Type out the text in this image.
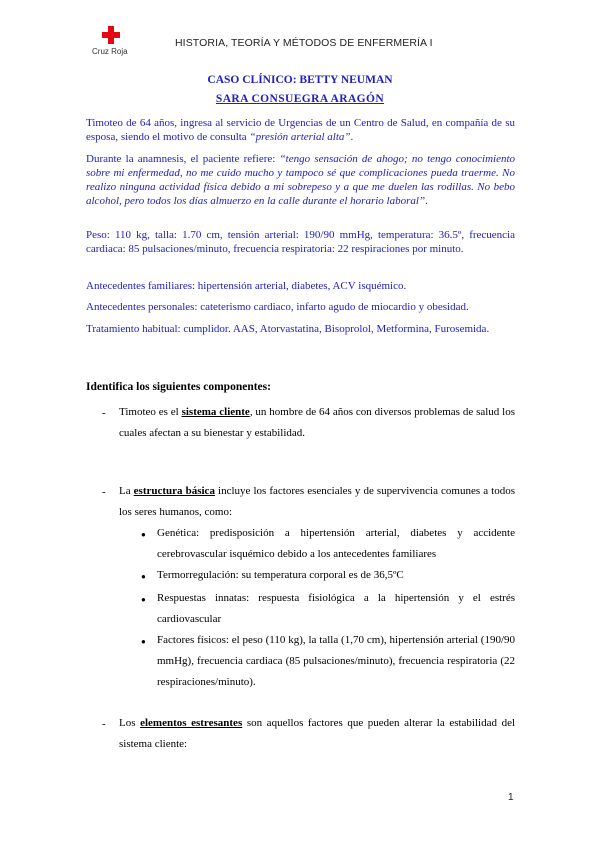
Cruz Roja
HISTORIA, TEORÍA Y MÉTODOS DE ENFERMERÍA I
CASO CLÍNICO: BETTY NEUMAN
SARA CONSUEGRA ARAGÓN
Timoteo de 64 años, ingresa al servicio de Urgencias de un Centro de Salud, en compañía de su esposa, siendo el motivo de consulta “presión arterial alta”.
Durante la anamnesis, el paciente refiere: “tengo sensación de ahogo; no tengo conocimiento sobre mi enfermedad, no me cuido mucho y tampoco sé que complicaciones pueda traerme. No realizo ninguna actividad física debido a mi sobrepeso y a que me duelen las rodillas. No bebo alcohol, pero todos los días almuerzo en la calle durante el horario laboral”.
Peso: 110 kg, talla: 1.70 cm, tensión arterial: 190/90 mmHg, temperatura: 36.5º, frecuencia cardiaca: 85 pulsaciones/minuto, frecuencia respiratoria: 22 respiraciones por minuto.
Antecedentes familiares: hipertensión arterial, diabetes, ACV isquémico.
Antecedentes personales: cateterismo cardiaco, infarto agudo de miocardio y obesidad.
Tratamiento habitual: cumplidor. AAS, Atorvastatina, Bisoprolol, Metformina, Furosemida.
Identifica los siguientes componentes:
- Timoteo es el sistema cliente, un hombre de 64 años con diversos problemas de salud los cuales afectan a su bienestar y estabilidad.
- La estructura básica incluye los factores esenciales y de supervivencia comunes a todos los seres humanos, como:
● Genética: predisposición a hipertensión arterial, diabetes y accidente cerebrovascular isquémico debido a los antecedentes familiares
● Termorregulación: su temperatura corporal es de 36,5ºC
● Respuestas innatas: respuesta fisiológica a la hipertensión y el estrés cardiovascular
● Factores físicos: el peso (110 kg), la talla (1,70 cm), hipertensión arterial (190/90 mmHg), frecuencia cardiaca (85 pulsaciones/minuto), frecuencia respiratoria (22 respiraciones/minuto).
- Los elementos estresantes son aquellos factores que pueden alterar la estabilidad del sistema cliente:
1
